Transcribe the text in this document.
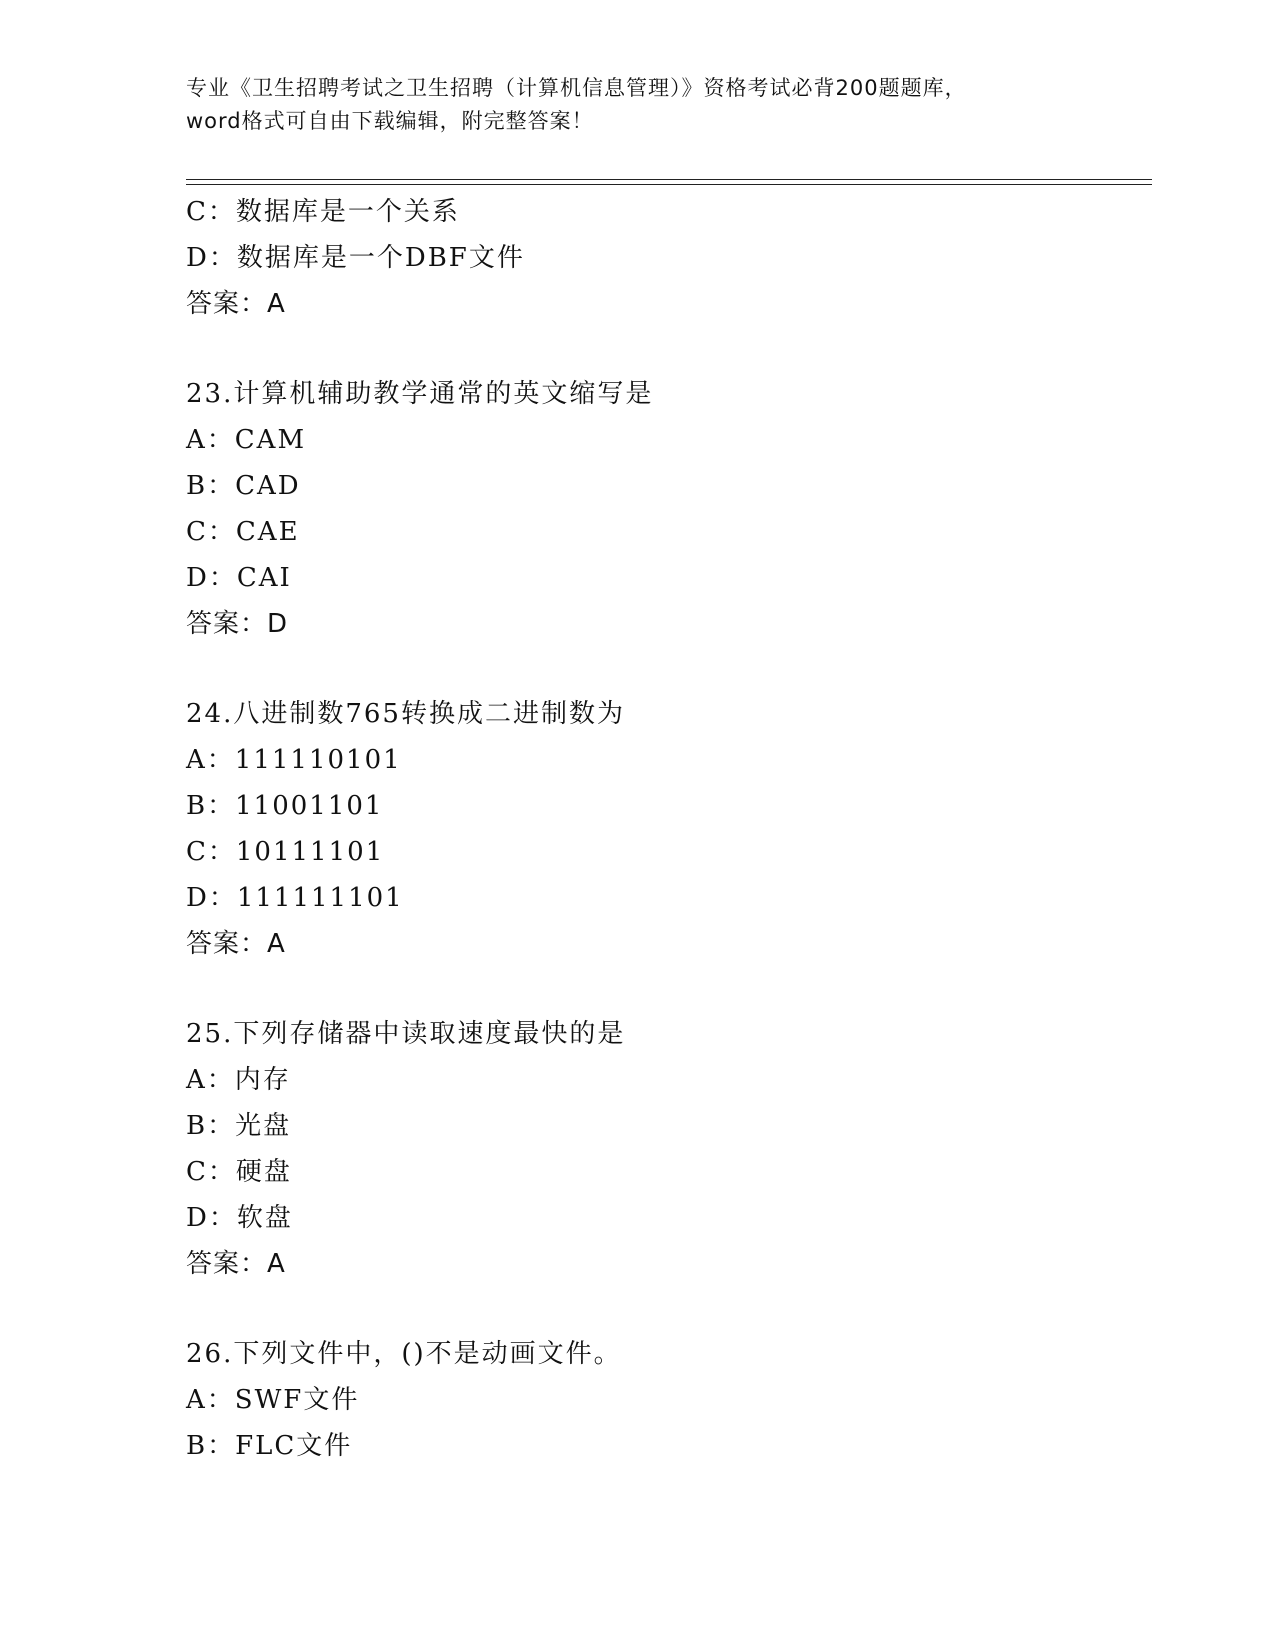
专业《卫生招聘考试之卫生招聘（计算机信息管理）》资格考试必背200题题库，
word格式可自由下载编辑，附完整答案！
C：数据库是一个关系
D：数据库是一个DBF文件
答案：A
23.计算机辅助教学通常的英文缩写是
A：CAM
B：CAD
C：CAE
D：CAI
答案：D
24.八进制数765转换成二进制数为
A：111110101
B：11001101
C：10111101
D：111111101
答案：A
25.下列存储器中读取速度最快的是
A：内存
B：光盘
C：硬盘
D：软盘
答案：A
26.下列文件中，()不是动画文件。
A：SWF文件
B：FLC文件
